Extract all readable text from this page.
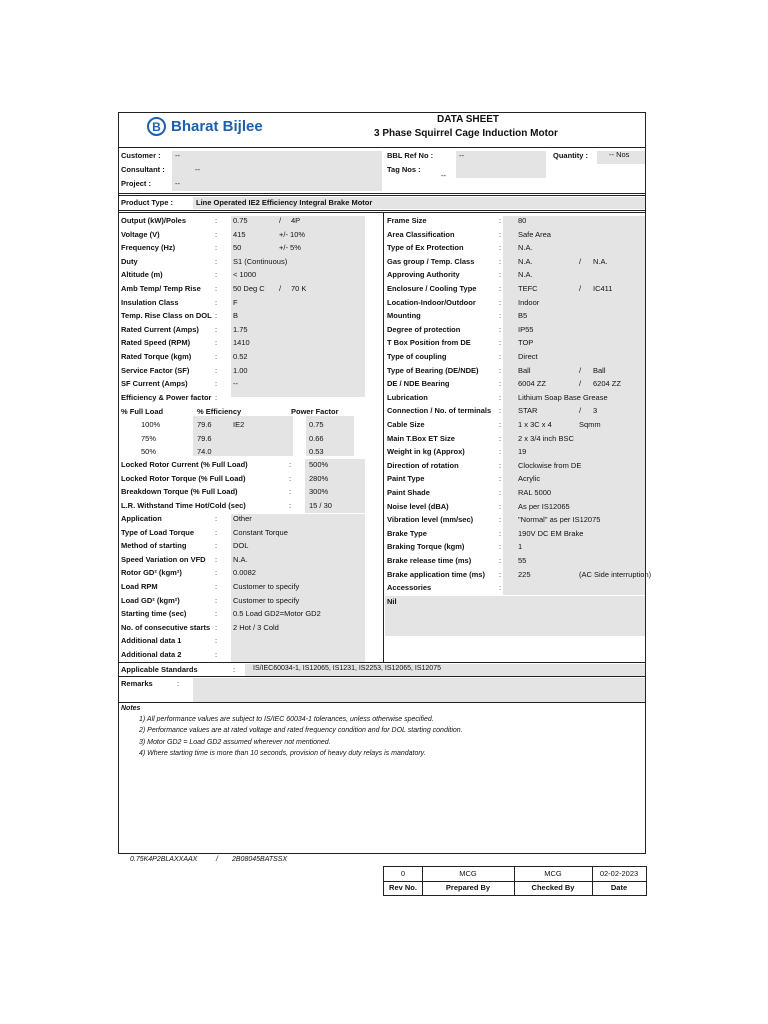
B Bharat Bijlee	DATA SHEET
3 Phase Squirrel Cage Induction Motor
Customer : --
Consultant :	--
Project :	--
BBL Ref No :	--
Tag Nos :
--
Quantity :	-- Nos
Product Type :	Line Operated IE2 Efficiency Integral Brake Motor
Output (kW)/Poles	: 0.75	/ 4P
Voltage (V)	: 415	+/- 10%
Frequency (Hz)	: 50	+/- 5%
Duty	: S1 (Continuous)
Altitude (m)	: < 1000
Amb Temp/ Temp Rise : 50 Deg C / 70 K
Insulation Class	: F
Temp. Rise Class on DOL : B
Rated Current (Amps) : 1.75
Rated Speed (RPM)	: 1410
Rated Torque (kgm)	: 0.52
Service Factor (SF)	: 1.00
SF Current (Amps)	: --
Efficiency & Power factor :
% Full Load	% Efficiency	Power Factor
IE2
100%	79.6	0.75
75%	79.6	0.66
50%	74.0	0.53
Locked Rotor Current (% Full Load)	: 500%
Locked Rotor Torque (% Full Load)	: 280%
Breakdown Torque (% Full Load)	: 300%
L.R. Withstand Time Hot/Cold (sec)	: 15 / 30
Application	: Other
Type of Load Torque	: Constant Torque
Method of starting	: DOL
Speed Variation on VFD : N.A.
Rotor GD² (kgm²)	: 0.0082
Load RPM	: Customer to specify
Load GD² (kgm²)	: Customer to specify
Starting time (sec)	: 0.5 Load GD2=Motor GD2
No. of consecutive starts : 2 Hot / 3 Cold
Additional data 1	:
Additional data 2	:
Frame Size	: 80
Area Classification	: Safe Area
Type of Ex Protection	: N.A.
Gas group / Temp. Class	: N.A.	/ N.A.
Approving Authority	: N.A.
Enclosure / Cooling Type	: TEFC	/ IC411
Location-Indoor/Outdoor	: Indoor
Mounting	: B5
Degree of protection	: IP55
T Box Position from DE	: TOP
Type of coupling	: Direct
Type of Bearing (DE/NDE)	: Ball	/ Ball
DE / NDE Bearing	: 6004 ZZ	/ 6204 ZZ
Lubrication	: Lithium Soap Base Grease
Connection / No. of terminals : STAR	/ 3
Cable Size	: 1 x 3C x 4	Sqmm
Main T.Box ET Size	: 2 x 3/4 inch BSC
Weight in kg (Approx)	: 19
Direction of rotation	: Clockwise from DE
Paint Type	: Acrylic
Paint Shade	: RAL 5000
Noise level (dBA)	: As per IS12065
Vibration level (mm/sec)	: "Normal" as per IS12075
Brake Type	: 190V DC EM Brake
Braking Torque (kgm)	: 1
Brake release time (ms)	: 55
Brake application time (ms) : 225	(AC Side interruption)
Accessories	:
Nil
Applicable Standards	:	IS/IEC60034-1, IS12065, IS1231, IS2253, IS12065, IS12075
Remarks	:
Notes
1) All performance values are subject to IS/IEC 60034-1 tolerances, unless otherwise specified.
2) Performance values are at rated voltage and rated frequency condition and for DOL starting condition.
3) Motor GD2 = Load GD2 assumed wherever not mentioned.
4) Where starting time is more than 10 seconds, provision of heavy duty relays is mandatory.
0.75K4P2BLAXXAAX	/ 2B08045BATSSX
0	MCG	MCG	02-02-2023
Rev No.	Prepared By	Checked By	Date
